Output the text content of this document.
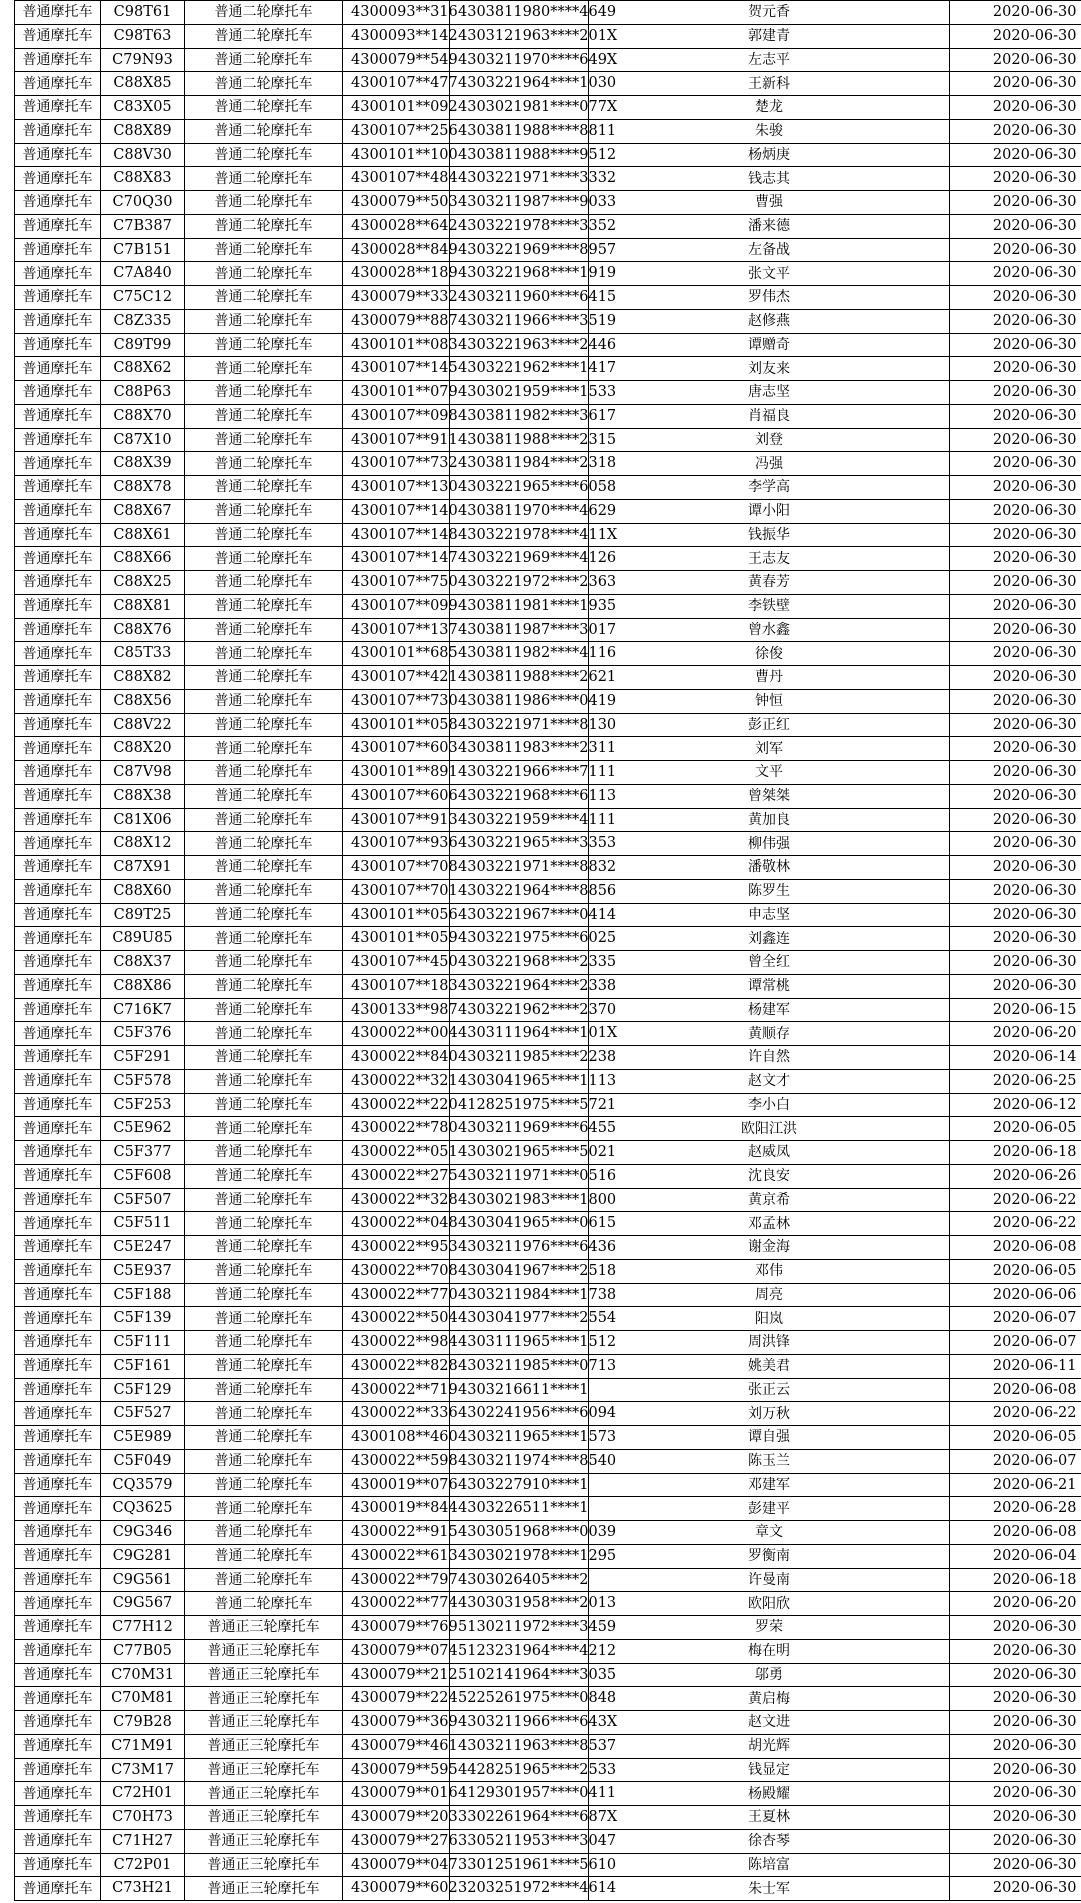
普通摩托车	C98T61	普通二轮摩托车	4300093**316	4303811980****4649	贺元香	2020-06-30
普通摩托车	C98T63	普通二轮摩托车	4300093**142	4303121963****201X	郭建青	2020-06-30
普通摩托车	C79N93	普通二轮摩托车	4300079**549	4303211970****649X	左志平	2020-06-30
普通摩托车	C88X85	普通二轮摩托车	4300107**477	4303221964****1030	王新科	2020-06-30
普通摩托车	C83X05	普通二轮摩托车	4300101**092	4303021981****077X	楚龙	2020-06-30
普通摩托车	C88X89	普通二轮摩托车	4300107**256	4303811988****8811	朱骏	2020-06-30
普通摩托车	C88V30	普通二轮摩托车	4300101**100	4303811988****9512	杨炳庚	2020-06-30
普通摩托车	C88X83	普通二轮摩托车	4300107**484	4303221971****3332	钱志其	2020-06-30
普通摩托车	C70Q30	普通二轮摩托车	4300079**503	4303211987****9033	曹强	2020-06-30
普通摩托车	C7B387	普通二轮摩托车	4300028**642	4303221978****3352	潘来德	2020-06-30
普通摩托车	C7B151	普通二轮摩托车	4300028**849	4303221969****8957	左备战	2020-06-30
普通摩托车	C7A840	普通二轮摩托车	4300028**189	4303221968****1919	张文平	2020-06-30
普通摩托车	C75C12	普通二轮摩托车	4300079**332	4303211960****6415	罗伟杰	2020-06-30
普通摩托车	C8Z335	普通二轮摩托车	4300079**887	4303211966****3519	赵修燕	2020-06-30
普通摩托车	C89T99	普通二轮摩托车	4300101**083	4303221963****2446	谭赠奇	2020-06-30
普通摩托车	C88X62	普通二轮摩托车	4300107**145	4303221962****1417	刘友来	2020-06-30
普通摩托车	C88P63	普通二轮摩托车	4300101**079	4303021959****1533	唐志坚	2020-06-30
普通摩托车	C88X70	普通二轮摩托车	4300107**098	4303811982****3617	肖福良	2020-06-30
普通摩托车	C87X10	普通二轮摩托车	4300107**911	4303811988****2315	刘登	2020-06-30
普通摩托车	C88X39	普通二轮摩托车	4300107**732	4303811984****2318	冯强	2020-06-30
普通摩托车	C88X78	普通二轮摩托车	4300107**130	4303221965****6058	李学高	2020-06-30
普通摩托车	C88X67	普通二轮摩托车	4300107**140	4303811970****4629	谭小阳	2020-06-30
普通摩托车	C88X61	普通二轮摩托车	4300107**148	4303221978****411X	钱振华	2020-06-30
普通摩托车	C88X66	普通二轮摩托车	4300107**147	4303221969****4126	王志友	2020-06-30
普通摩托车	C88X25	普通二轮摩托车	4300107**750	4303221972****2363	黄春芳	2020-06-30
普通摩托车	C88X81	普通二轮摩托车	4300107**099	4303811981****1935	李铁壁	2020-06-30
普通摩托车	C88X76	普通二轮摩托车	4300107**137	4303811987****3017	曾水鑫	2020-06-30
普通摩托车	C85T33	普通二轮摩托车	4300101**685	4303811982****4116	徐俊	2020-06-30
普通摩托车	C88X82	普通二轮摩托车	4300107**421	4303811988****2621	曹丹	2020-06-30
普通摩托车	C88X56	普通二轮摩托车	4300107**730	4303811986****0419	钟恒	2020-06-30
普通摩托车	C88V22	普通二轮摩托车	4300101**058	4303221971****8130	彭正红	2020-06-30
普通摩托车	C88X20	普通二轮摩托车	4300107**603	4303811983****2311	刘军	2020-06-30
普通摩托车	C87V98	普通二轮摩托车	4300101**891	4303221966****7111	文平	2020-06-30
普通摩托车	C88X38	普通二轮摩托车	4300107**606	4303221968****6113	曾桀桀	2020-06-30
普通摩托车	C81X06	普通二轮摩托车	4300107**913	4303221959****4111	黄加良	2020-06-30
普通摩托车	C88X12	普通二轮摩托车	4300107**936	4303221965****3353	柳伟强	2020-06-30
普通摩托车	C87X91	普通二轮摩托车	4300107**708	4303221971****8832	潘敬林	2020-06-30
普通摩托车	C88X60	普通二轮摩托车	4300107**701	4303221964****8856	陈罗生	2020-06-30
普通摩托车	C89T25	普通二轮摩托车	4300101**056	4303221967****0414	申志坚	2020-06-30
普通摩托车	C89U85	普通二轮摩托车	4300101**059	4303221975****6025	刘鑫连	2020-06-30
普通摩托车	C88X37	普通二轮摩托车	4300107**450	4303221968****2335	曾全红	2020-06-30
普通摩托车	C88X86	普通二轮摩托车	4300107**183	4303221964****2338	谭常桃	2020-06-30
普通摩托车	C716K7	普通二轮摩托车	4300133**987	4303221962****2370	杨建军	2020-06-15
普通摩托车	C5F376	普通二轮摩托车	4300022**004	4303111964****101X	黄顺存	2020-06-20
普通摩托车	C5F291	普通二轮摩托车	4300022**840	4303211985****2238	许自然	2020-06-14
普通摩托车	C5F578	普通二轮摩托车	4300022**321	4303041965****1113	赵文才	2020-06-25
普通摩托车	C5F253	普通二轮摩托车	4300022**220	4128251975****5721	李小白	2020-06-12
普通摩托车	C5E962	普通二轮摩托车	4300022**780	4303211969****6455	欧阳江洪	2020-06-05
普通摩托车	C5F377	普通二轮摩托车	4300022**051	4303021965****5021	赵威凤	2020-06-18
普通摩托车	C5F608	普通二轮摩托车	4300022**275	4303211971****0516	沈良安	2020-06-26
普通摩托车	C5F507	普通二轮摩托车	4300022**328	4303021983****1800	黄京希	2020-06-22
普通摩托车	C5F511	普通二轮摩托车	4300022**048	4303041965****0615	邓孟林	2020-06-22
普通摩托车	C5E247	普通二轮摩托车	4300022**953	4303211976****6436	谢金海	2020-06-08
普通摩托车	C5E937	普通二轮摩托车	4300022**708	4303041967****2518	邓伟	2020-06-05
普通摩托车	C5F188	普通二轮摩托车	4300022**770	4303211984****1738	周亮	2020-06-06
普通摩托车	C5F139	普通二轮摩托车	4300022**504	4303041977****2554	阳岚	2020-06-07
普通摩托车	C5F111	普通二轮摩托车	4300022**984	4303111965****1512	周洪锋	2020-06-07
普通摩托车	C5F161	普通二轮摩托车	4300022**828	4303211985****0713	姚美君	2020-06-11
普通摩托车	C5F129	普通二轮摩托车	4300022**719	4303216611****1	张正云	2020-06-08
普通摩托车	C5F527	普通二轮摩托车	4300022**336	4302241956****6094	刘万秋	2020-06-22
普通摩托车	C5E989	普通二轮摩托车	4300108**460	4303211965****1573	谭自强	2020-06-05
普通摩托车	C5F049	普通二轮摩托车	4300022**598	4303211974****8540	陈玉兰	2020-06-07
普通摩托车	CQ3579	普通二轮摩托车	4300019**076	4303227910****1	邓建军	2020-06-21
普通摩托车	CQ3625	普通二轮摩托车	4300019**844	4303226511****1	彭建平	2020-06-28
普通摩托车	C9G346	普通二轮摩托车	4300022**915	4303051968****0039	章文	2020-06-08
普通摩托车	C9G281	普通二轮摩托车	4300022**613	4303021978****1295	罗衡南	2020-06-04
普通摩托车	C9G561	普通二轮摩托车	4300022**797	4303026405****2	许曼南	2020-06-18
普通摩托车	C9G567	普通二轮摩托车	4300022**774	4303031958****2013	欧阳欣	2020-06-20
普通摩托车	C77H12	普通正三轮摩托车	4300079**769	5130211972****3459	罗荣	2020-06-30
普通摩托车	C77B05	普通正三轮摩托车	4300079**074	5123231964****4212	梅在明	2020-06-30
普通摩托车	C70M31	普通正三轮摩托车	4300079**212	5102141964****3035	邬勇	2020-06-30
普通摩托车	C70M81	普通正三轮摩托车	4300079**224	5225261975****0848	黄启梅	2020-06-30
普通摩托车	C79B28	普通正三轮摩托车	4300079**369	4303211966****643X	赵文进	2020-06-30
普通摩托车	C71M91	普通正三轮摩托车	4300079**461	4303211963****8537	胡光辉	2020-06-30
普通摩托车	C73M17	普通正三轮摩托车	4300079**595	4428251965****2533	钱显定	2020-06-30
普通摩托车	C72H01	普通正三轮摩托车	4300079**016	4129301957****0411	杨殿耀	2020-06-30
普通摩托车	C70H73	普通正三轮摩托车	4300079**203	3302261964****687X	王夏林	2020-06-30
普通摩托车	C71H27	普通正三轮摩托车	4300079**276	3305211953****3047	徐杏琴	2020-06-30
普通摩托车	C72P01	普通正三轮摩托车	4300079**047	3301251961****5610	陈培富	2020-06-30
普通摩托车	C73H21	普通正三轮摩托车	4300079**602	3203251972****4614	朱士军	2020-06-30
